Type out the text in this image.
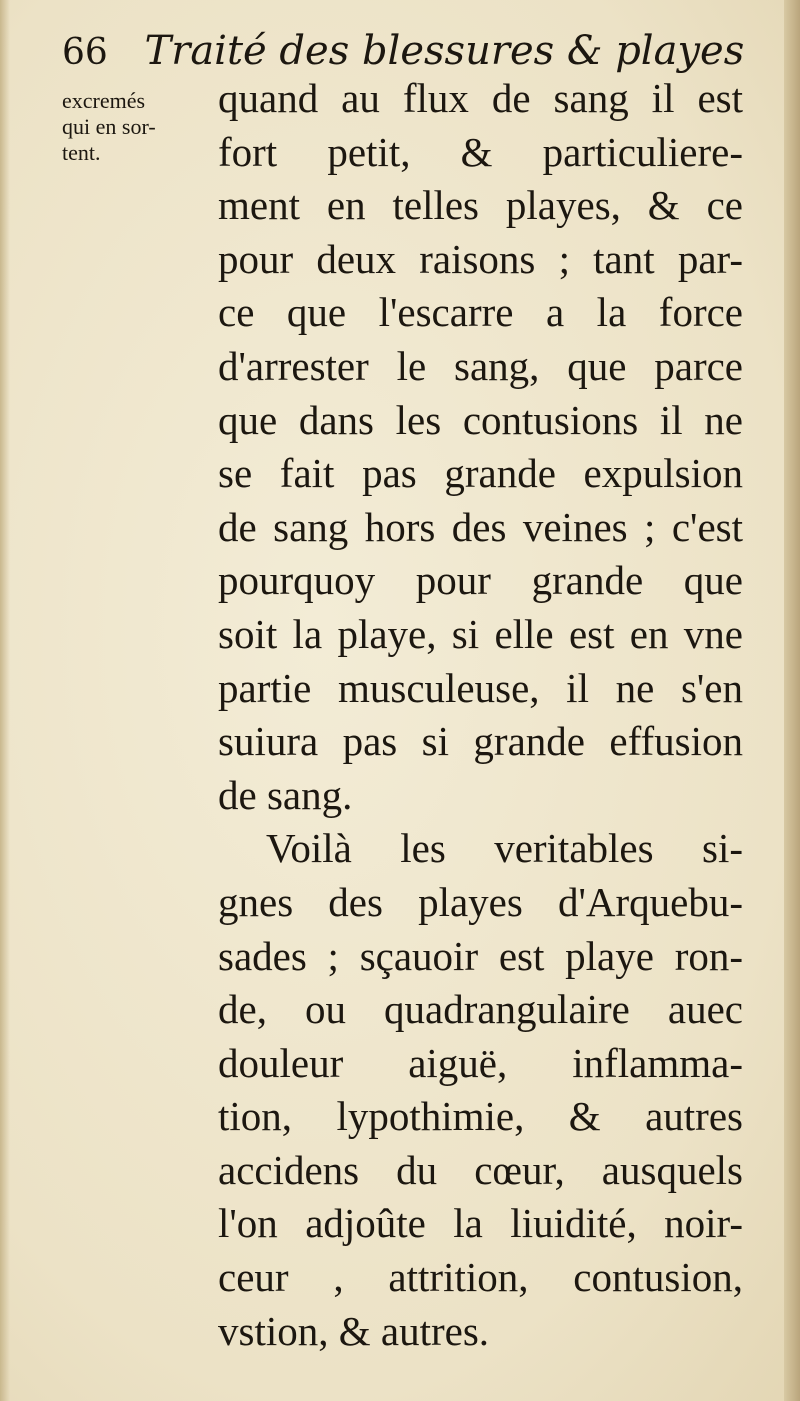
66 Traité des blessures & playes
excremés
qui en sor-
tent.
quand au flux de sang il est
fort petit, & particuliere-
ment en telles playes, & ce
pour deux raisons ; tant par-
ce que l'escarre a la force
d'arrester le sang, que parce
que dans les contusions il ne
se fait pas grande expulsion
de sang hors des veines ; c'est
pourquoy pour grande que
soit la playe, si elle est en vne
partie musculeuse, il ne s'en
suiura pas si grande effusion
de sang.
Voilà les veritables si-
gnes des playes d'Arquebu-
sades ; sçauoir est playe ron-
de, ou quadrangulaire auec
douleur aiguë, inflamma-
tion, lypothimie, & autres
accidens du cœur, ausquels
l'on adjoûte la liuidité, noir-
ceur , attrition, contusion,
vstion, & autres.
